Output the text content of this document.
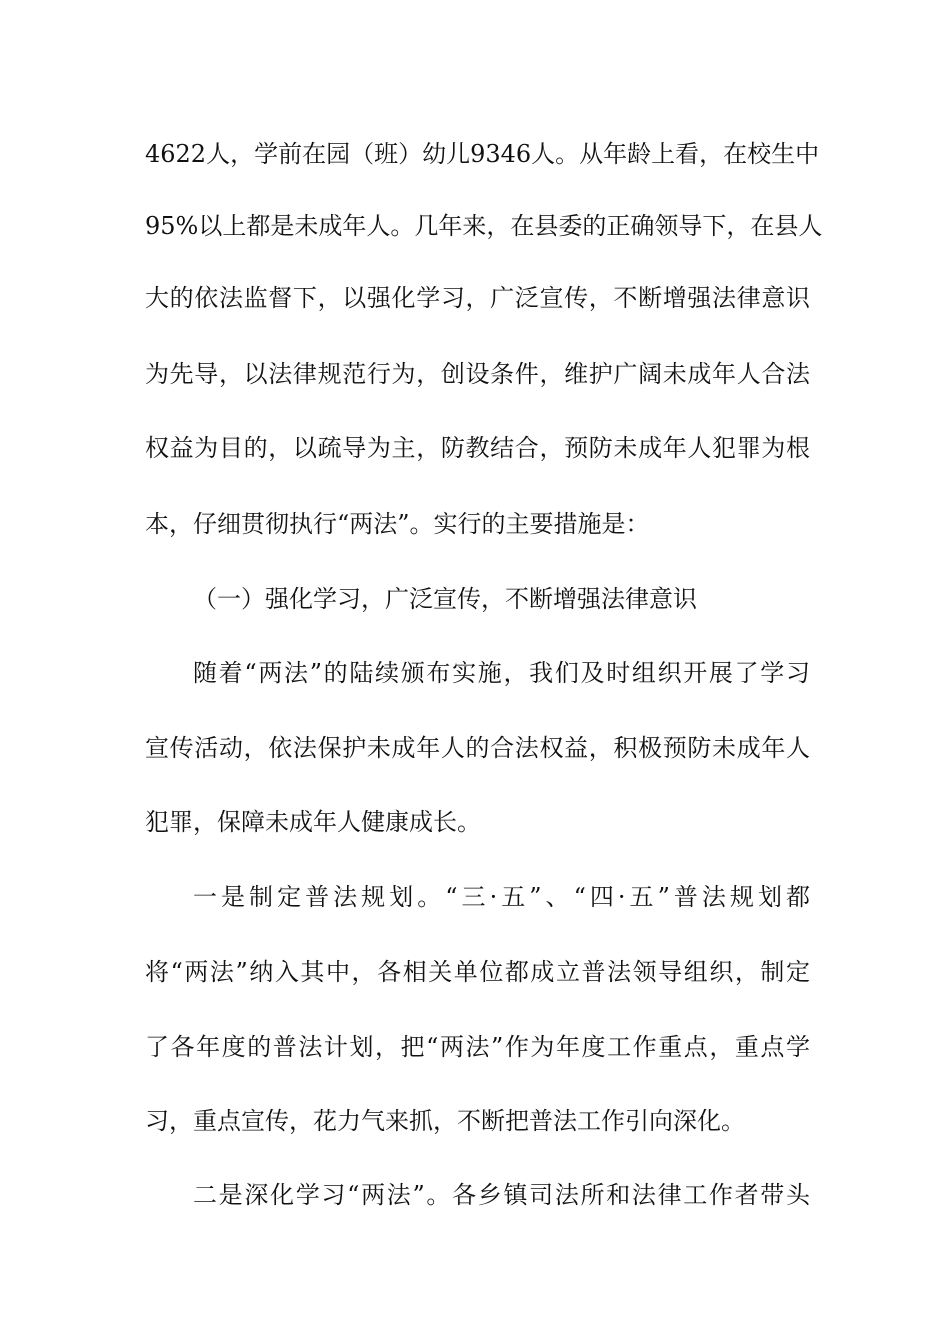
4622人，学前在园（班）幼儿9346人。从年龄上看，在校生中
95%以上都是未成年人。几年来，在县委的正确领导下，在县人
大的依法监督下，以强化学习，广泛宣传，不断增强法律意识
为先导，以法律规范行为，创设条件，维护广阔未成年人合法
权益为目的，以疏导为主，防教结合，预防未成年人犯罪为根
本，仔细贯彻执行“两法”。实行的主要措施是：
（一）强化学习，广泛宣传，不断增强法律意识
随着“两法”的陆续颁布实施，我们及时组织开展了学习
宣传活动，依法保护未成年人的合法权益，积极预防未成年人
犯罪，保障未成年人健康成长。
一是制定普法规划。“三·五”、“四·五”普法规划都
将“两法”纳入其中，各相关单位都成立普法领导组织，制定
了各年度的普法计划，把“两法”作为年度工作重点，重点学
习，重点宣传，花力气来抓，不断把普法工作引向深化。
二是深化学习“两法”。各乡镇司法所和法律工作者带头
